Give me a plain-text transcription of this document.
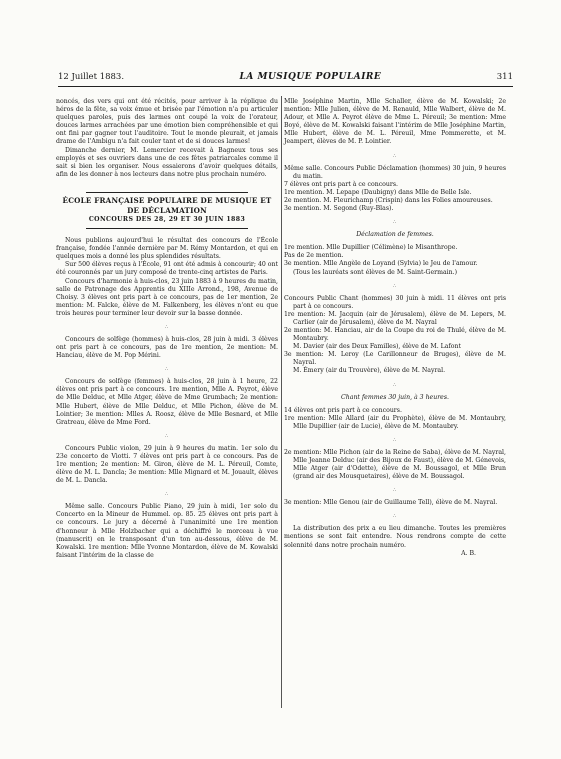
12 Juillet 1883.	LA MUSIQUE POPULAIRE	311

noncés, des vers qui ont été récités, pour arriver à la réplique du héros de la fête, sa voix émue et brisée par l'émotion n'a pu articuler quelques paroles, puis des larmes ont coupé la voix de l'orateur, douces larmes arrachées par une émotion bien compréhensible et qui ont fini par gagner tout l'auditoire. Tout le monde pleurait, et jamais drame de l'Ambigu n'a fait couler tant et de si douces larmes!

Dimanche dernier, M. Lemercier recevait à Bagneux tous ses employés et ses ouvriers dans une de ces fêtes patriarcales comme il sait si bien les organiser. Nous essaierons d'avoir quelques détails, afin de les donner à nos lecteurs dans notre plus prochain numéro.

ÉCOLE FRANÇAISE POPULAIRE DE MUSIQUE ET DE DÉCLAMATION

CONCOURS DES 28, 29 ET 30 JUIN 1883

Nous publions aujourd'hui le résultat des concours de l'École française, fondée l'année dernière par M. Rémy Montardon, et qui en quelques mois a donné les plus splendides résultats.

Sur 500 élèves reçus à l'École, 91 ont été admis à concourir; 40 ont été couronnés par un jury composé de trente-cinq artistes de Paris.

Concours d'harmonie à huis-clos, 23 juin 1883 à 9 heures du matin, salle de Patronage des Apprentis du XIIIe Arrond., 198, Avenue de Choisy. 3 élèves ont pris part à ce concours, pas de 1er mention, 2e mention: M. Falcke, élève de M. Falkenberg, les élèves n'ont eu que trois heures pour terminer leur devoir sur la basse donnée.

∴

Concours de solfège (hommes) à huis-clos, 28 juin à midi. 3 élèves ont pris part à ce concours, pas de 1re mention, 2e mention: M. Hanciau, élève de M. Pop Mérini.

∴

Concours de solfège (femmes) à huis-clos, 28 juin à 1 heure, 22 élèves ont pris part à ce concours. 1re mention, Mlle A. Peyrot, élève de Mlle Delduc, et Mlle Atger, élève de Mme Grumbach; 2e mention: Mlle Hubert, élève de Mlle Delduc, et Mlle Pichon, élève de M. Lointier; 3e mention: Mlles A. Roosz, élève de Mlle Besnard, et Mlle Gratreau, élève de Mme Ford.

∴

Concours Public violon, 29 juin à 9 heures du matin. 1er solo du 23e concerto de Viotti. 7 élèves ont pris part à ce concours. Pas de 1re mention; 2e mention: M. Giron, élève de M. L. Péreuil, Comte, élève de M. L. Dancla; 3e mention: Mlle Mignard et M. Jouault, élèves de M. L. Dancla.

∴

Même salle. Concours Public Piano, 29 juin à midi, 1er solo du Concerto en la Mineur de Hummel. op. 85. 25 élèves ont pris part à ce concours. Le jury a décerné à l'unanimité une 1re mention d'honneur à Mlle Holzbacher qui a déchiffré le morceau à vue (manuscrit) en le transposant d'un ton au-dessous, élève de M. Kowalski. 1re mention: Mlle Yvonne Montardon, élève de M. Kowalski faisant l'intérim de la classe de

Mlle Joséphine Martin, Mlle Schaller, élève de M. Kowalski; 2e mention: Mlle Julien, élève de M. Renauld, Mlle Walbert, élève de M. Adour, et Mlle A. Peyrot élève de Mme L. Péreuil; 3e mention: Mme Boyé, élève de M. Kowalski faisant l'intérim de Mlle Joséphine Martin, Mlle Hubert, élève de M. L. Péreuil, Mme Pommerette, et M. Jeampert, élèves de M. P. Lointier.

∴

Même salle. Concours Public Déclamation (hommes) 30 juin, 9 heures du matin.

7 élèves ont pris part à ce concours.

1re mention. M. Lepape (Daubigny) dans Mlle de Belle Isle.

2e mention. M. Fleurichamp (Crispin) dans les Folies amoureuses.

3e mention. M. Segond (Ruy-Blas).

∴

Déclamation de femmes.

1re mention. Mlle Dupillier (Célimène) le Misanthrope.

Pas de 2e mention.

3e mention. Mlle Angèle de Loyand (Sylvia) le Jeu de l'amour.

(Tous les lauréats sont élèves de M. Saint-Germain.)

∴

Concours Public Chant (hommes) 30 juin à midi. 11 élèves ont pris part à ce concours.

1re mention: M. Jacquin (air de Jérusalem), élève de M. Lepers, M. Carlier (air de Jérusalem), élève de M. Nayral

2e mention: M. Hanciau, air de la Coupe du roi de Thulé, élève de M. Montaubry.

M. Davier (air des Deux Familles), élève de M. Lafont

3e mention: M. Leroy (Le Carillonneur de Bruges), élève de M. Nayral.

M. Émery (air du Trouvère), élève de M. Nayral.

∴

Chant femmes 30 juin, à 3 heures.

14 élèves ont pris part à ce concours.

1re mention: Mlle Allard (air du Prophète), élève de M. Montaubry, Mlle Dupillier (air de Lucie), élève de M. Montaubry.

∴

2e mention: Mlle Pichon (air de la Reine de Saba), élève de M. Nayral, Mlle Jeanne Delduc (air des Bijoux de Faust), élève de M. Génevois, Mlle Atger (air d'Odette), élève de M. Boussagol, et Mlle Brun (grand air des Mousquetaires), élève de M. Boussagol.

∴

3e mention: Mlle Genou (air de Guillaume Tell), élève de M. Nayral.

∴

La distribution des prix a eu lieu dimanche. Toutes les premières mentions se sont fait entendre. Nous rendrons compte de cette solennité dans notre prochain numéro.

A. B.
